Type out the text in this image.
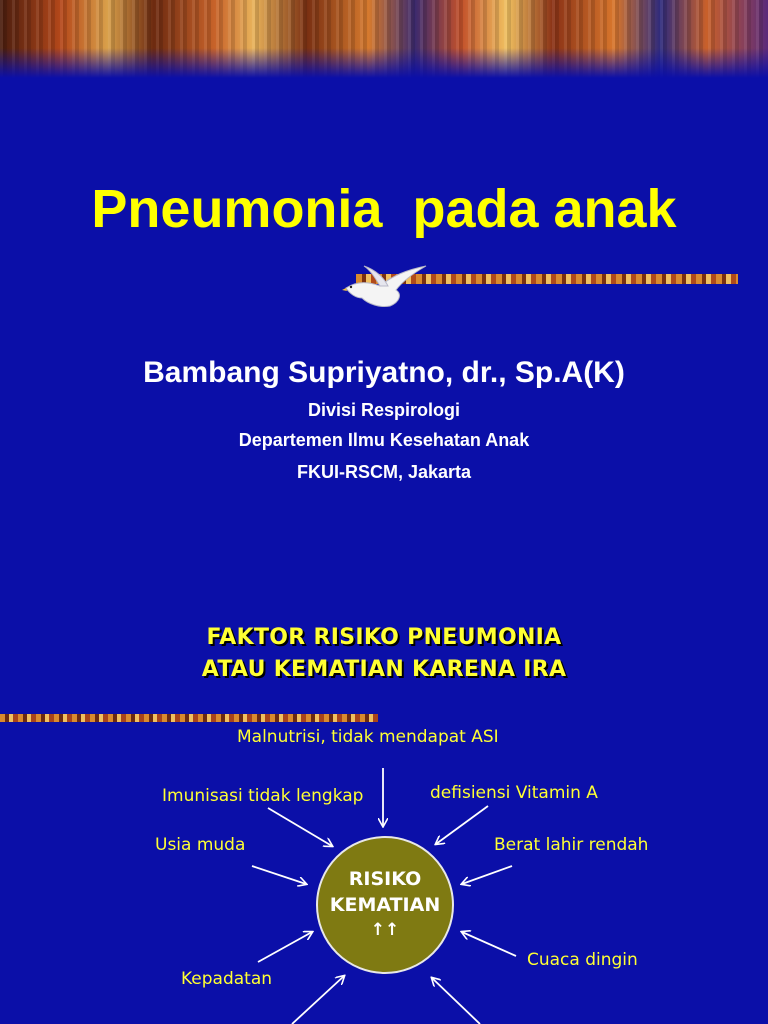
Pneumonia  pada anak
Bambang Supriyatno, dr., Sp.A(K)
Divisi Respirologi
Departemen Ilmu Kesehatan Anak
FKUI-RSCM, Jakarta
FAKTOR RISIKO PNEUMONIA
ATAU KEMATIAN KARENA IRA
Malnutrisi, tidak mendapat ASI
Imunisasi tidak lengkap	defisiensi Vitamin A
Usia muda	Berat lahir rendah
Cuaca dingin
Kepadatan
RISIKO
KEMATIAN
↑↑
